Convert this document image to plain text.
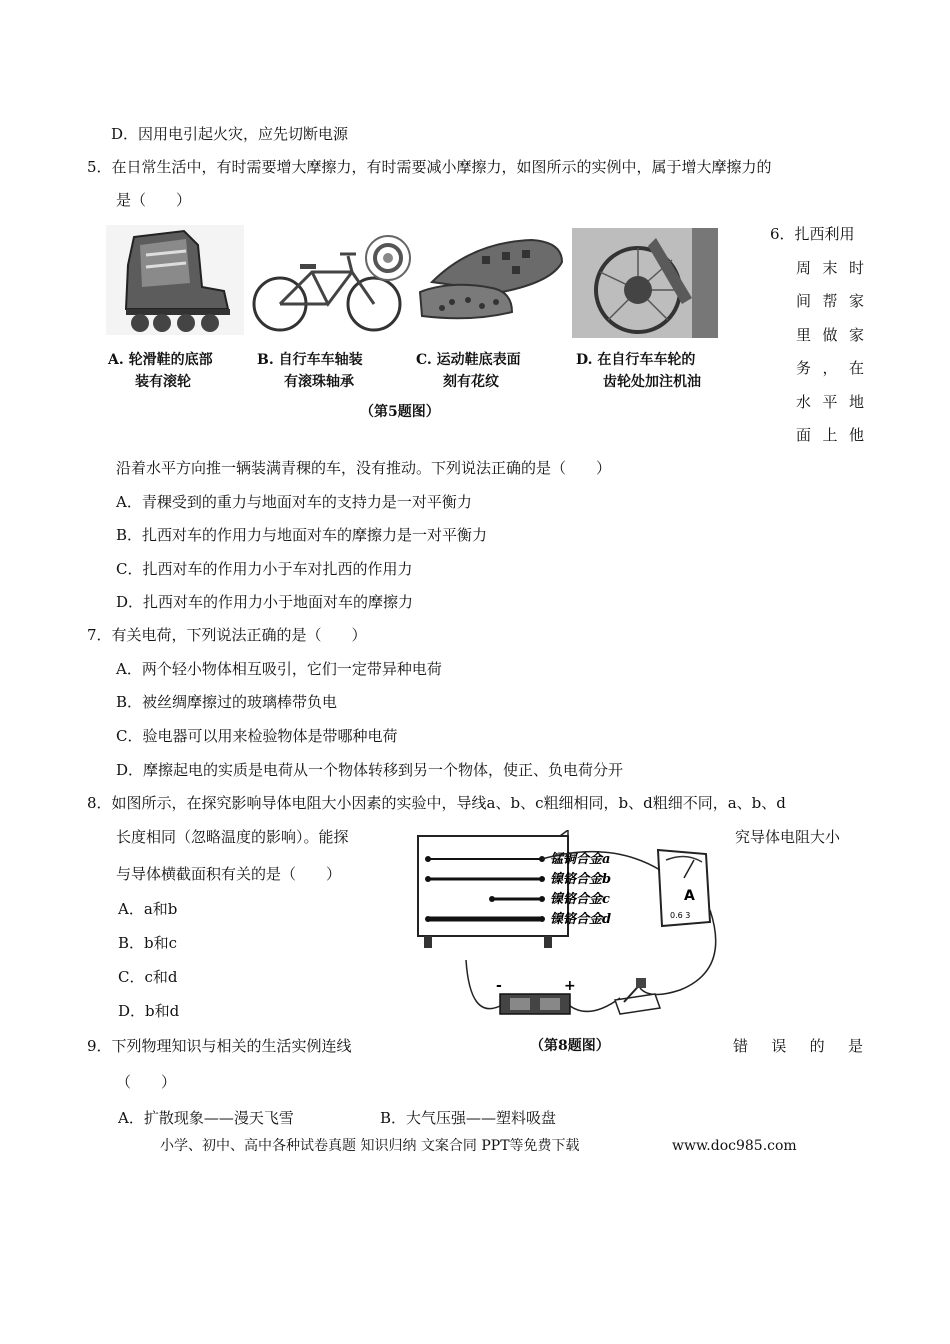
D．因用电引起火灾，应先切断电源
5．在日常生活中，有时需要增大摩擦力，有时需要减小摩擦力，如图所示的实例中，属于增大摩擦力的
是（　　）
A. 轮滑鞋的底部
装有滚轮
B. 自行车车轴装
有滚珠轴承
C. 运动鞋底表面
刻有花纹
D. 在自行车车轮的
齿轮处加注机油
（第5题图）
6．扎西利用
周 末 时
间 帮 家
里 做 家
务 ， 在
水 平 地
面 上 他
沿着水平方向推一辆装满青稞的车，没有推动。下列说法正确的是（　　）
A．青稞受到的重力与地面对车的支持力是一对平衡力
B．扎西对车的作用力与地面对车的摩擦力是一对平衡力
C．扎西对车的作用力小于车对扎西的作用力
D．扎西对车的作用力小于地面对车的摩擦力
7．有关电荷，下列说法正确的是（　　）
A．两个轻小物体相互吸引，它们一定带异种电荷
B．被丝绸摩擦过的玻璃棒带负电
C．验电器可以用来检验物体是带哪种电荷
D．摩擦起电的实质是电荷从一个物体转移到另一个物体，使正、负电荷分开
8．如图所示，在探究影响导体电阻大小因素的实验中，导线a、b、c粗细相同，b、d粗细不同，a、b、d
长度相同（忽略温度的影响）。能探	究导体电阻大小
与导体横截面积有关的是（　　）
A．a和b
B．b和c
C．c和d
D．b和d
锰铜合金a
镍铬合金b
镍铬合金c
镍铬合金d
A
0.6 3
-	+
（第8题图）
9．下列物理知识与相关的生活实例连线	错 误 的 是
（　　）
A．扩散现象——漫天飞雪	B．大气压强——塑料吸盘
小学、初中、高中各种试卷真题 知识归纳 文案合同 PPT等免费下载	www.doc985.com
